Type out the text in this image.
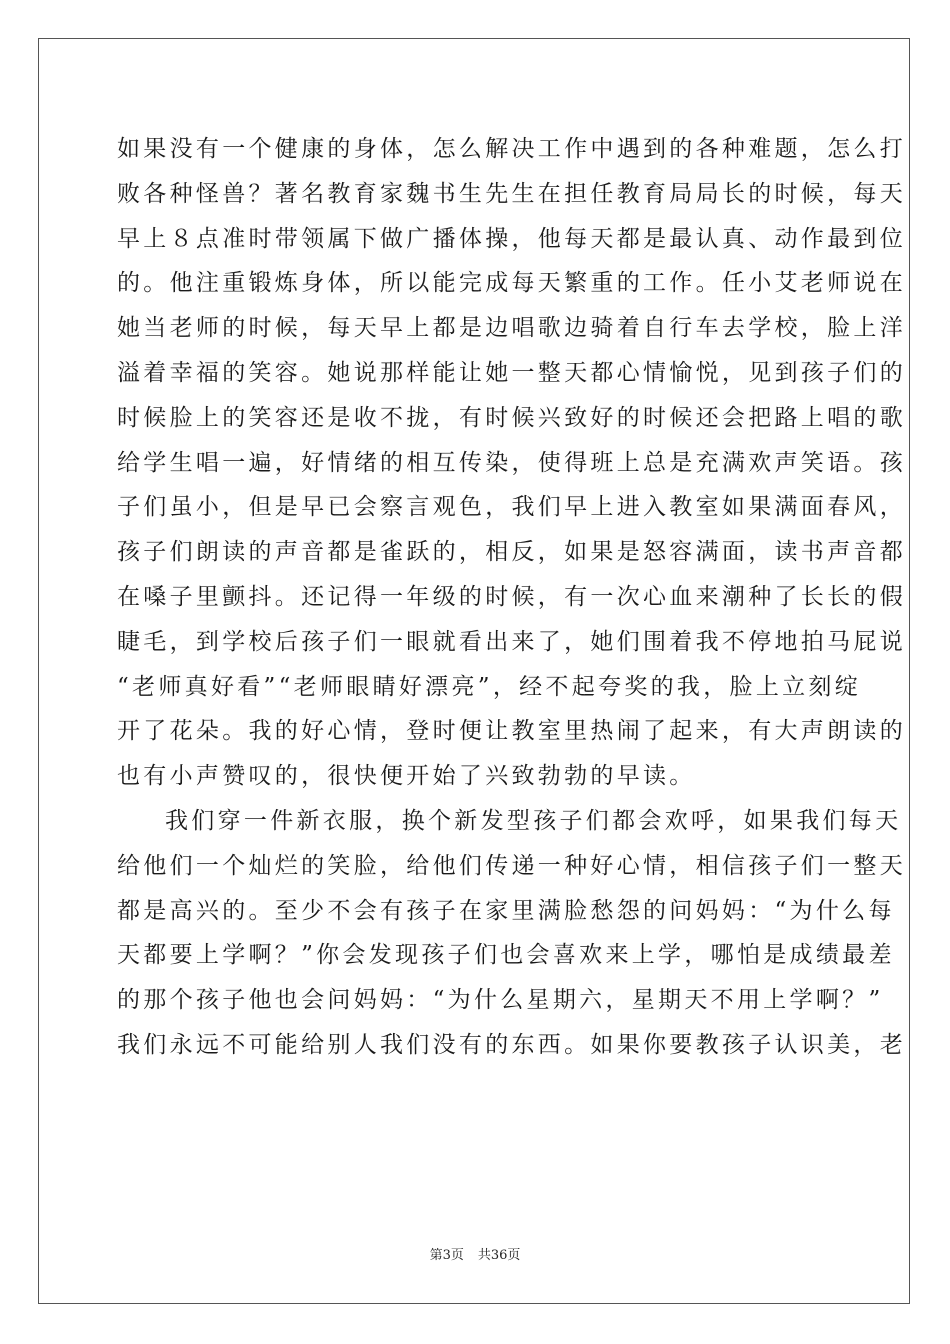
如果没有一个健康的身体，怎么解决工作中遇到的各种难题，怎么打
败各种怪兽？著名教育家魏书生先生在担任教育局局长的时候，每天
早上８点准时带领属下做广播体操，他每天都是最认真、动作最到位
的。他注重锻炼身体，所以能完成每天繁重的工作。任小艾老师说在
她当老师的时候，每天早上都是边唱歌边骑着自行车去学校，脸上洋
溢着幸福的笑容。她说那样能让她一整天都心情愉悦，见到孩子们的
时候脸上的笑容还是收不拢，有时候兴致好的时候还会把路上唱的歌
给学生唱一遍，好情绪的相互传染，使得班上总是充满欢声笑语。孩
子们虽小，但是早已会察言观色，我们早上进入教室如果满面春风，
孩子们朗读的声音都是雀跃的，相反，如果是怒容满面，读书声音都
在嗓子里颤抖。还记得一年级的时候，有一次心血来潮种了长长的假
睫毛，到学校后孩子们一眼就看出来了，她们围着我不停地拍马屁说
“老师真好看”“老师眼睛好漂亮”，经不起夸奖的我，脸上立刻绽
开了花朵。我的好心情，登时便让教室里热闹了起来，有大声朗读的
也有小声赞叹的，很快便开始了兴致勃勃的早读。
我们穿一件新衣服，换个新发型孩子们都会欢呼，如果我们每天
给他们一个灿烂的笑脸，给他们传递一种好心情，相信孩子们一整天
都是高兴的。至少不会有孩子在家里满脸愁怨的问妈妈：“为什么每
天都要上学啊？”你会发现孩子们也会喜欢来上学，哪怕是成绩最差
的那个孩子他也会问妈妈：“为什么星期六，星期天不用上学啊？”
我们永远不可能给别人我们没有的东西。如果你要教孩子认识美，老
第3页 共36页
